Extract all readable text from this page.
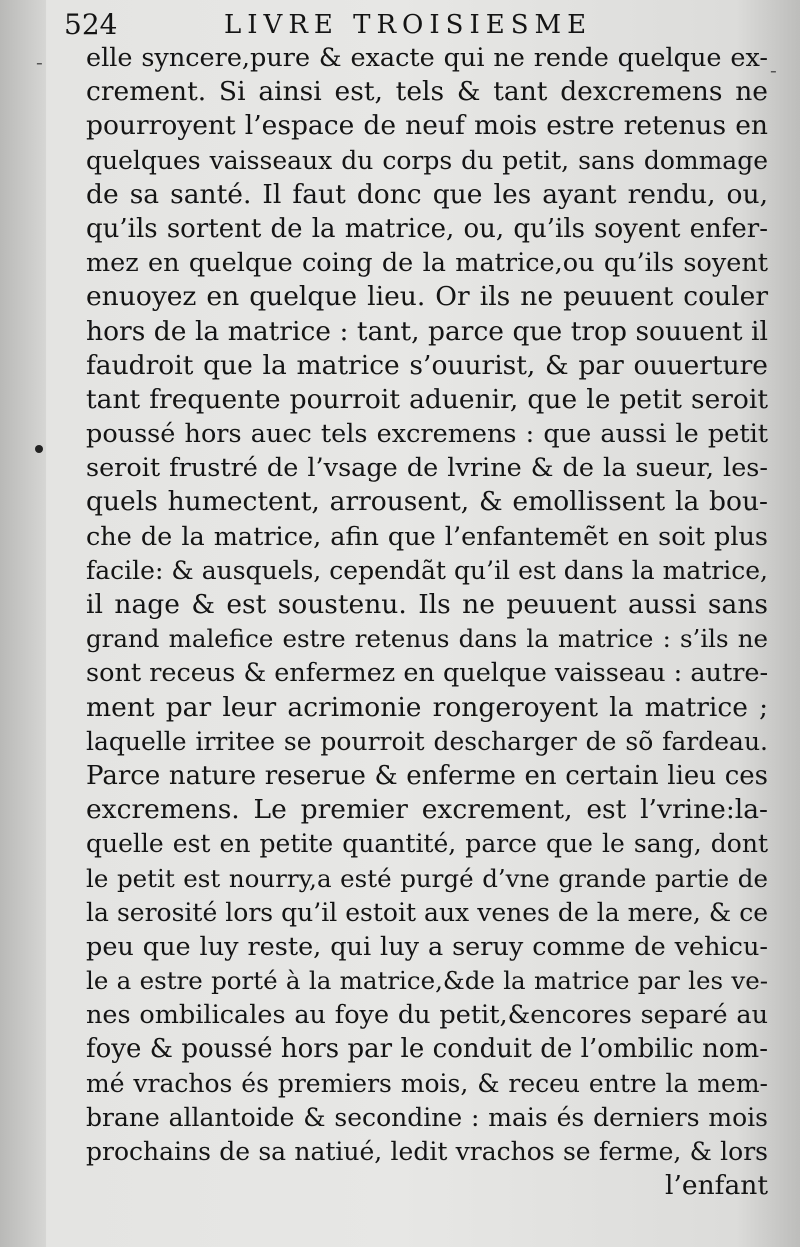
524	LIVRE TROISIESME
-
- elle syncere,pure & exacte qui ne rende quelque ex-
crement. Si ainsi est, tels & tant dexcremens ne
pourroyent l’espace de neuf mois estre retenus en
quelques vaisseaux du corps du petit, sans dommage
de sa santé. Il faut donc que les ayant rendu, ou,
qu’ils sortent de la matrice, ou, qu’ils soyent enfer-
mez en quelque coing de la matrice,ou qu’ils soyent
enuoyez en quelque lieu. Or ils ne peuuent couler
hors de la matrice : tant, parce que trop souuent il
faudroit que la matrice s’ouurist, & par ouuerture
tant frequente pourroit aduenir, que le petit seroit
poussé hors auec tels excremens : que aussi le petit
seroit frustré de l’vsage de lvrine & de la sueur, les-
quels humectent, arrousent, & emollissent la bou-
che de la matrice, afin que l’enfantemẽt en soit plus
facile: & ausquels, cependãt qu’il est dans la matrice,
il nage & est soustenu. Ils ne peuuent aussi sans
grand malefice estre retenus dans la matrice : s’ils ne
sont receus & enfermez en quelque vaisseau : autre-
ment par leur acrimonie rongeroyent la matrice ;
laquelle irritee se pourroit descharger de sõ fardeau.
Parce nature reserue & enferme en certain lieu ces
excremens. Le premier excrement, est l’vrine:la-
quelle est en petite quantité, parce que le sang, dont
le petit est nourry,a esté purgé d’vne grande partie de
la serosité lors qu’il estoit aux venes de la mere, & ce
peu que luy reste, qui luy a seruy comme de vehicu-
le a estre porté à la matrice,&de la matrice par les ve-
nes ombilicales au foye du petit,&encores separé au
foye & poussé hors par le conduit de l’ombilic nom-
mé vrachos és premiers mois, & receu entre la mem-
brane allantoide & secondine : mais és derniers mois
prochains de sa natiué, ledit vrachos se ferme, & lors
l’enfant
